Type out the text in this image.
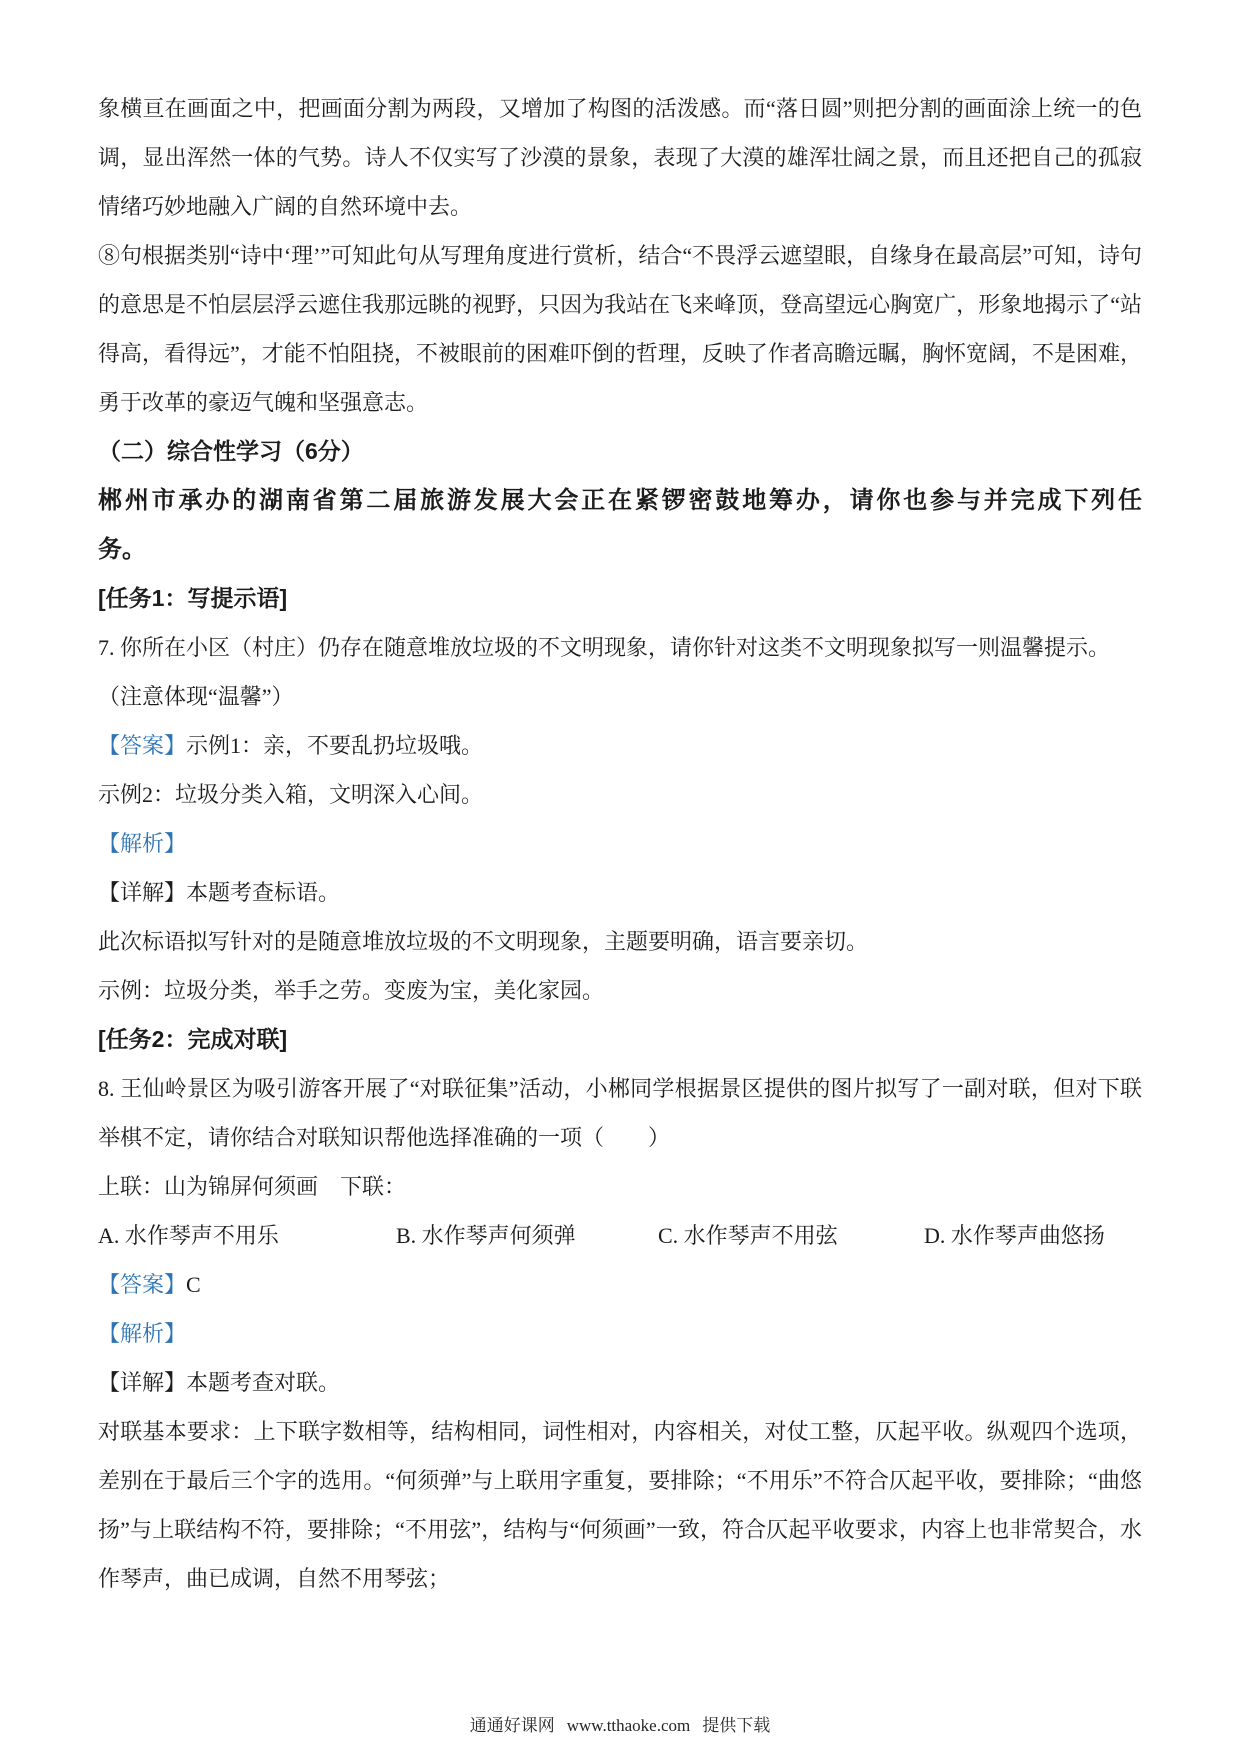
象横亘在画面之中，把画面分割为两段，又增加了构图的活泼感。而“落日圆”则把分割的画面涂上统一的色调，显出浑然一体的气势。诗人不仅实写了沙漠的景象，表现了大漠的雄浑壮阔之景，而且还把自己的孤寂情绪巧妙地融入广阔的自然环境中去。

⑧句根据类别“诗中‘理’”可知此句从写理角度进行赏析，结合“不畏浮云遮望眼，自缘身在最高层”可知，诗句的意思是不怕层层浮云遮住我那远眺的视野，只因为我站在飞来峰顶，登高望远心胸宽广，形象地揭示了“站得高，看得远”，才能不怕阻挠，不被眼前的困难吓倒的哲理，反映了作者高瞻远瞩，胸怀宽阔，不是困难，勇于改革的豪迈气魄和坚强意志。

（二）综合性学习（6分）

郴州市承办的湖南省第二届旅游发展大会正在紧锣密鼓地筹办，请你也参与并完成下列任

务。

[任务1：写提示语]

7. 你所在小区（村庄）仍存在随意堆放垃圾的不文明现象，请你针对这类不文明现象拟写一则温馨提示。

（注意体现“温馨”）

【答案】示例1：亲，不要乱扔垃圾哦。

示例2：垃圾分类入箱，文明深入心间。

【解析】

【详解】本题考查标语。

此次标语拟写针对的是随意堆放垃圾的不文明现象，主题要明确，语言要亲切。

示例：垃圾分类，举手之劳。变废为宝，美化家园。

[任务2：完成对联]

8. 王仙岭景区为吸引游客开展了“对联征集”活动，小郴同学根据景区提供的图片拟写了一副对联，但对下联举棋不定，请你结合对联知识帮他选择准确的一项（　　）

上联：山为锦屏何须画　下联：

A. 水作琴声不用乐	B. 水作琴声何须弹	C. 水作琴声不用弦	D. 水作琴声曲悠扬

【答案】C

【解析】

【详解】本题考查对联。

对联基本要求：上下联字数相等，结构相同，词性相对，内容相关，对仗工整，仄起平收。纵观四个选项，差别在于最后三个字的选用。“何须弹”与上联用字重复，要排除；“不用乐”不符合仄起平收，要排除；“曲悠扬”与上联结构不符，要排除；“不用弦”，结构与“何须画”一致，符合仄起平收要求，内容上也非常契合，水作琴声，曲已成调，自然不用琴弦；

通通好课网 www.tthaoke.com 提供下载
